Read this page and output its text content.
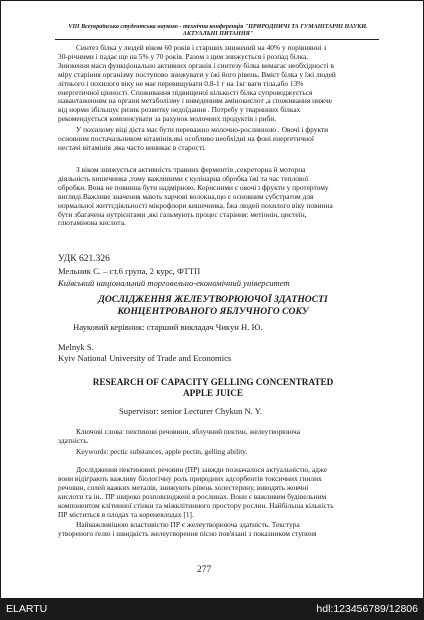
VIII Всеукраїнська студентська науково - технічна конференція "ПРИРОДНИЧІ ТА ГУМАНІТАРНІ НАУКИ.
АКТУАЛЬНІ ПИТАННЯ"

Синтез білка у людей віком 60 років і старших знижений на 40% у порівнянні з

30-річними і падає ще на 5% у 70 років. Разом з цим знижується і розпад білка.

Зниження маси функціонально активних органів і синтезу білка вимагає необхідності в

міру старіння організму поступово знижувати у їжі його рівень. Вміст білка у їжі людей

літнього і похилого віку не має перевищувати 0.8-1 г на 1кг ваги тіла,або 13%

енергетичної цінності. Споживання підвищеної кількості білка супроводжується

навантаженням на органи метаболізму і виведенням амінокислот ,а споживання нижче

від норми збільшує ризик розвитку недоїдання . Потребу у тваринних білках

рекомендується компенсувати за рахунок молочних продуктів і риби.

У похилому віці дієта має бути переважно молочно-рослинною . Овочі і фрукти

основним постачальником вітамінів,які особливо необхідні на фоні енергетичної

нестачі вітамінів ,яка часто виникає в старості.

З віком знижується активність травних ферментів ,секреторна й моторна

діяльність кишечника ,тому важливими є кулінарна обробка їжі та час теплової

обробки. Вона не повинна бути надмірною. Корисними є овочі і фрукти у протертому

вигляді.Важливе значення мають харчові волокна,що є основним субстратом для

нормальної життєдіяльності мікрофлори кишечника. Їжа людей похилого віку повинна

бути збагачена нутрієнтами ,які гальмують процес старіння: метіонін, цистеїн,

глютамінова кислота.

УДК 621.326
Мельник С. – ст.6 група, 2 курс, ФТТП
Київський національний торговельно-економічний університет
ДОСЛІДЖЕННЯ ЖЕЛЕУТВОРЮЮЧОЇ ЗДАТНОСТІ
КОНЦЕНТРОВАНОГО ЯБЛУЧНОГО СОКУ
Науковий керівник: старший викладач Чикун Н. Ю.
Melnyk S.
Kyiv National University of Trade and Economics
RESEARCH OF CAPACITY GELLING CONCENTRATED
APPLE JUICE
Supervisor: senior Lecturer Chykun N. Y.

Ключові слова: пектинові речовини, яблучний пектин, желеутворююча

здатність.

Keywords: pectic substances, apple pectin, gelling ability.

Дослідження пектинових речовин (ПР) завжди позначалося актуальністю, адже

вони відіграють важливу біологічну роль природних адсорбентів токсичних гнилих

речовин, солей важких металів, знижують рівень холестерину, виводять жовчні

кислоти та ін.. ПР широко розповсюджені в рослинах. Вони є важливим будівельним

компонентом клітинної стінки та міжклітинного простору рослин. Найбільша кількість

ПР міститься в плодах та кореневлодах [1].

Найважливішою властивістю ПР є желеутворююча здатність. Текстура

утвореного гелю і швидкість желеутворення пісно пов'язані з показником ступеня

277
ELARTU	hdl:123456789/12806
